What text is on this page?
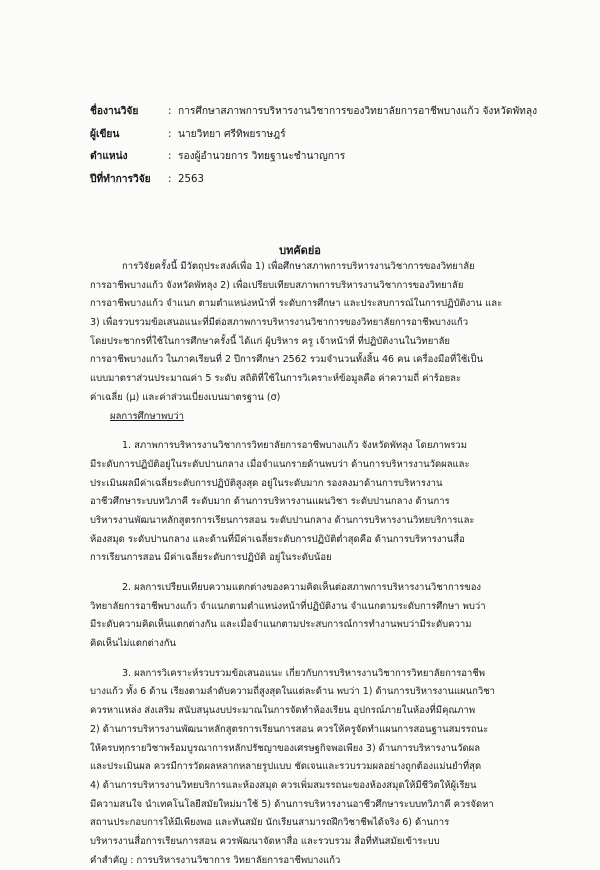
ชื่องานวิจัย	: การศึกษาสภาพการบริหารงานวิชาการของวิทยาลัยการอาชีพบางแก้ว จังหวัดพัทลุง
ผู้เขียน	: นายวิทยา ศรีทิพยราษฎร์
ตำแหน่ง	: รองผู้อำนวยการ วิทยฐานะชำนาญการ
ปีที่ทำการวิจัย	: 2563
บทคัดย่อ
การวิจัยครั้งนี้ มีวัตถุประสงค์เพื่อ 1) เพื่อศึกษาสภาพการบริหารงานวิชาการของวิทยาลัย
การอาชีพบางแก้ว จังหวัดพัทลุง 2) เพื่อเปรียบเทียบสภาพการบริหารงานวิชาการของวิทยาลัย
การอาชีพบางแก้ว จำแนก ตามตำแหน่งหน้าที่ ระดับการศึกษา และประสบการณ์ในการปฏิบัติงาน และ
3) เพื่อรวบรวมข้อเสนอแนะที่มีต่อสภาพการบริหารงานวิชาการของวิทยาลัยการอาชีพบางแก้ว
โดยประชากรที่ใช้ในการศึกษาครั้งนี้ ได้แก่ ผู้บริหาร ครู เจ้าหน้าที่ ที่ปฏิบัติงานในวิทยาลัย
การอาชีพบางแก้ว ในภาคเรียนที่ 2 ปีการศึกษา 2562 รวมจำนวนทั้งสิ้น 46 คน เครื่องมือที่ใช้เป็น
แบบมาตราส่วนประมาณค่า 5 ระดับ สถิติที่ใช้ในการวิเคราะห์ข้อมูลคือ ค่าความถี่ ค่าร้อยละ
ค่าเฉลี่ย (μ) และค่าส่วนเบี่ยงเบนมาตรฐาน (σ)
ผลการศึกษาพบว่า
1. สภาพการบริหารงานวิชาการวิทยาลัยการอาชีพบางแก้ว จังหวัดพัทลุง โดยภาพรวม
มีระดับการปฏิบัติอยู่ในระดับปานกลาง เมื่อจำแนกรายด้านพบว่า ด้านการบริหารงานวัดผลและ
ประเมินผลมีค่าเฉลี่ยระดับการปฏิบัติสูงสุด อยู่ในระดับมาก รองลงมาด้านการบริหารงาน
อาชีวศึกษาระบบทวิภาคี ระดับมาก ด้านการบริหารงานแผนวิชา ระดับปานกลาง ด้านการ
บริหารงานพัฒนาหลักสูตรการเรียนการสอน ระดับปานกลาง ด้านการบริหารงานวิทยบริการและ
ห้องสมุด ระดับปานกลาง และด้านที่มีค่าเฉลี่ยระดับการปฏิบัติต่ำสุดคือ ด้านการบริหารงานสื่อ
การเรียนการสอน มีค่าเฉลี่ยระดับการปฏิบัติ อยู่ในระดับน้อย
2. ผลการเปรียบเทียบความแตกต่างของความคิดเห็นต่อสภาพการบริหารงานวิชาการของ
วิทยาลัยการอาชีพบางแก้ว จำแนกตามตำแหน่งหน้าที่ปฏิบัติงาน จำแนกตามระดับการศึกษา พบว่า
มีระดับความคิดเห็นแตกต่างกัน และเมื่อจำแนกตามประสบการณ์การทำงานพบว่ามีระดับความ
คิดเห็นไม่แตกต่างกัน
3. ผลการวิเคราะห์รวบรวมข้อเสนอแนะ เกี่ยวกับการบริหารงานวิชาการวิทยาลัยการอาชีพ
บางแก้ว ทั้ง 6 ด้าน เรียงตามลำดับความถี่สูงสุดในแต่ละด้าน พบว่า 1) ด้านการบริหารงานแผนกวิชา
ควรหาแหล่ง ส่งเสริม สนับสนุนงบประมาณในการจัดทำห้องเรียน อุปกรณ์ภายในห้องที่มีคุณภาพ
2) ด้านการบริหารงานพัฒนาหลักสูตรการเรียนการสอน ควรให้ครูจัดทำแผนการสอนฐานสมรรถนะ
ให้ครบทุกรายวิชาพร้อมบูรณาการหลักปรัชญาของเศรษฐกิจพอเพียง 3) ด้านการบริหารงานวัดผล
และประเมินผล ควรมีการวัดผลหลากหลายรูปแบบ ชัดเจนและรวบรวมผลอย่างถูกต้องแม่นยำที่สุด
4) ด้านการบริหารงานวิทยบริการและห้องสมุด ควรเพิ่มสมรรถนะของห้องสมุดให้มีชีวิตให้ผู้เรียน
มีความสนใจ นำเทคโนโลยีสมัยใหม่มาใช้ 5) ด้านการบริหารงานอาชีวศึกษาระบบทวิภาคี ควรจัดหา
สถานประกอบการให้มีเพียงพอ และทันสมัย นักเรียนสามารถฝึกวิชาชีพได้จริง 6) ด้านการ
บริหารงานสื่อการเรียนการสอน ควรพัฒนาจัดหาสื่อ และรวบรวม สื่อที่ทันสมัยเข้าระบบ
คำสำคัญ : การบริหารงานวิชาการ วิทยาลัยการอาชีพบางแก้ว
